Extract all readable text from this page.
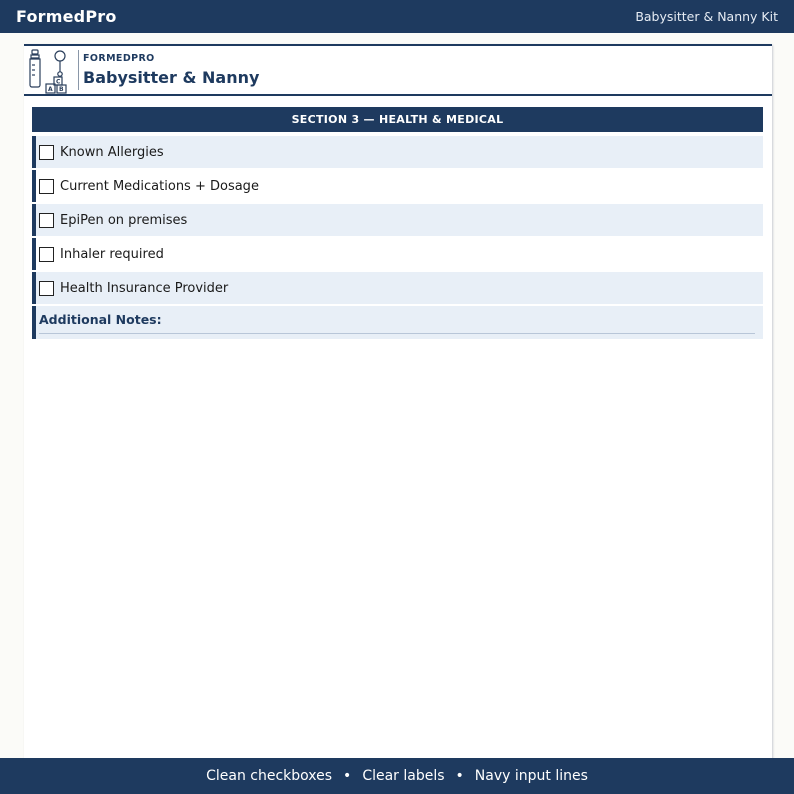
FormedPro	Babysitter & Nanny Kit
C
A B
FORMEDPRO
Babysitter & Nanny
SECTION 3 — HEALTH & MEDICAL
Known Allergies
Current Medications + Dosage
EpiPen on premises
Inhaler required
Health Insurance Provider
Additional Notes:
Clean checkboxes • Clear labels • Navy input lines
